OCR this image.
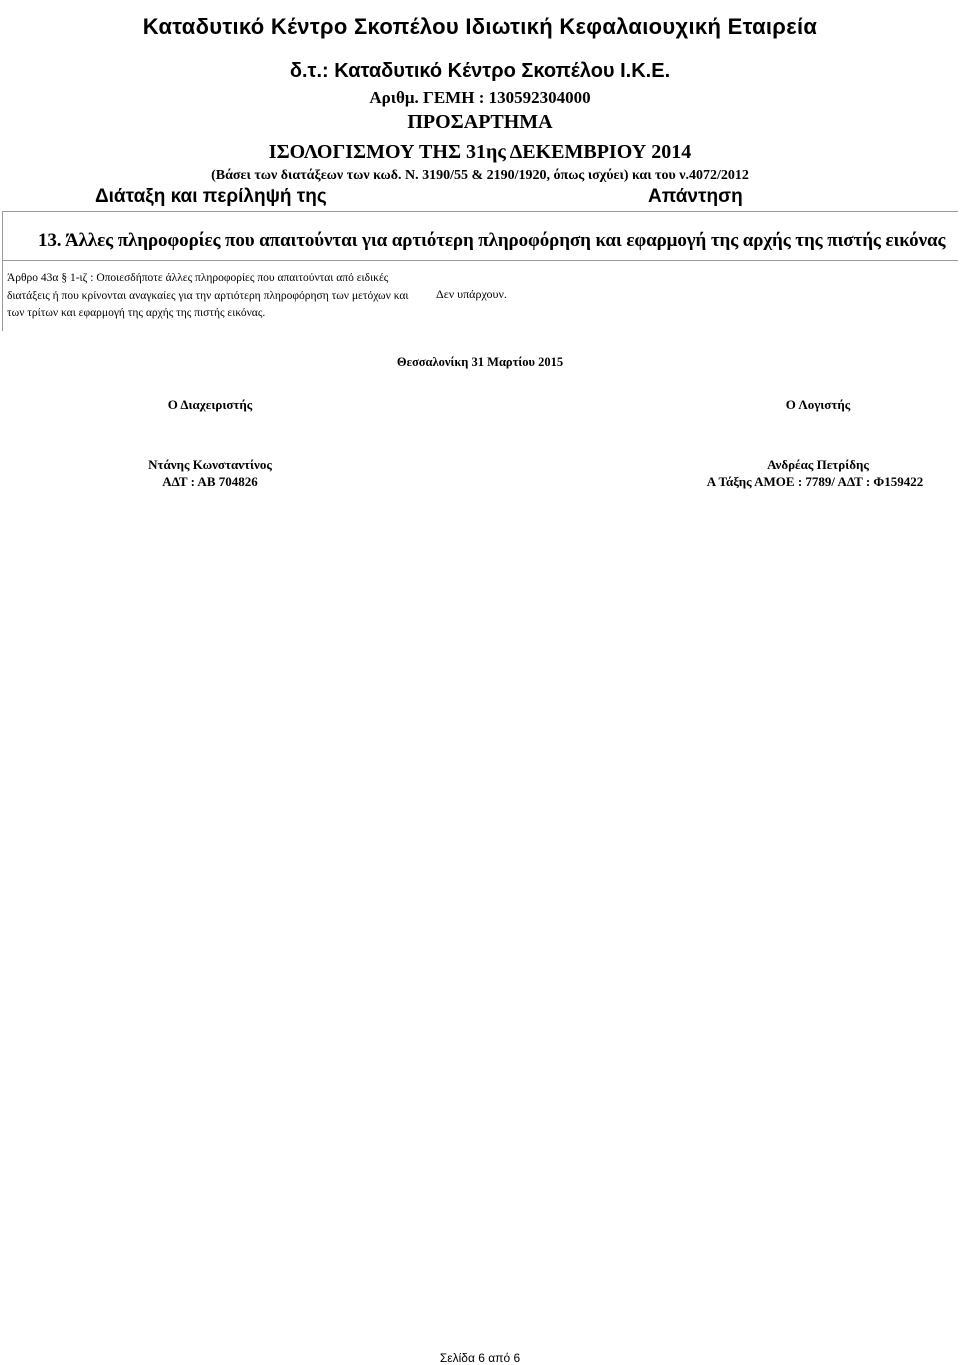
Καταδυτικό Κέντρο Σκοπέλου Ιδιωτική Κεφαλαιουχική Εταιρεία
δ.τ.: Καταδυτικό Κέντρο Σκοπέλου Ι.Κ.Ε.
Αριθμ. ΓΕΜΗ : 130592304000
ΠΡΟΣΑΡΤΗΜΑ
ΙΣΟΛΟΓΙΣΜΟΥ ΤΗΣ 31ης ΔΕΚΕΜΒΡΙΟΥ 2014
(Βάσει των διατάξεων των κωδ. Ν. 3190/55 & 2190/1920, όπως ισχύει) και του ν.4072/2012
Διάταξη και περίληψή της	Απάντηση
13. Άλλες πληροφορίες που απαιτούνται για αρτιότερη πληροφόρηση και εφαρμογή της αρχής της πιστής εικόνας
Άρθρο 43α § 1-ιζ : Οποιεσδήποτε άλλες πληροφορίες που απαιτούνται από ειδικές διατάξεις ή που κρίνονται αναγκαίες για την αρτιότερη πληροφόρηση των μετόχων και των τρίτων και εφαρμογή της αρχής της πιστής εικόνας.
Δεν υπάρχουν.
Θεσσαλονίκη 31 Μαρτίου 2015
Ο Διαχειριστής	Ο Λογιστής
Ντάνης Κωνσταντίνος	Ανδρέας Πετρίδης
ΑΔΤ : ΑΒ 704826	Α Τάξης ΑΜΟΕ : 7789/ ΑΔΤ : Φ159422
Σελίδα 6 από 6
